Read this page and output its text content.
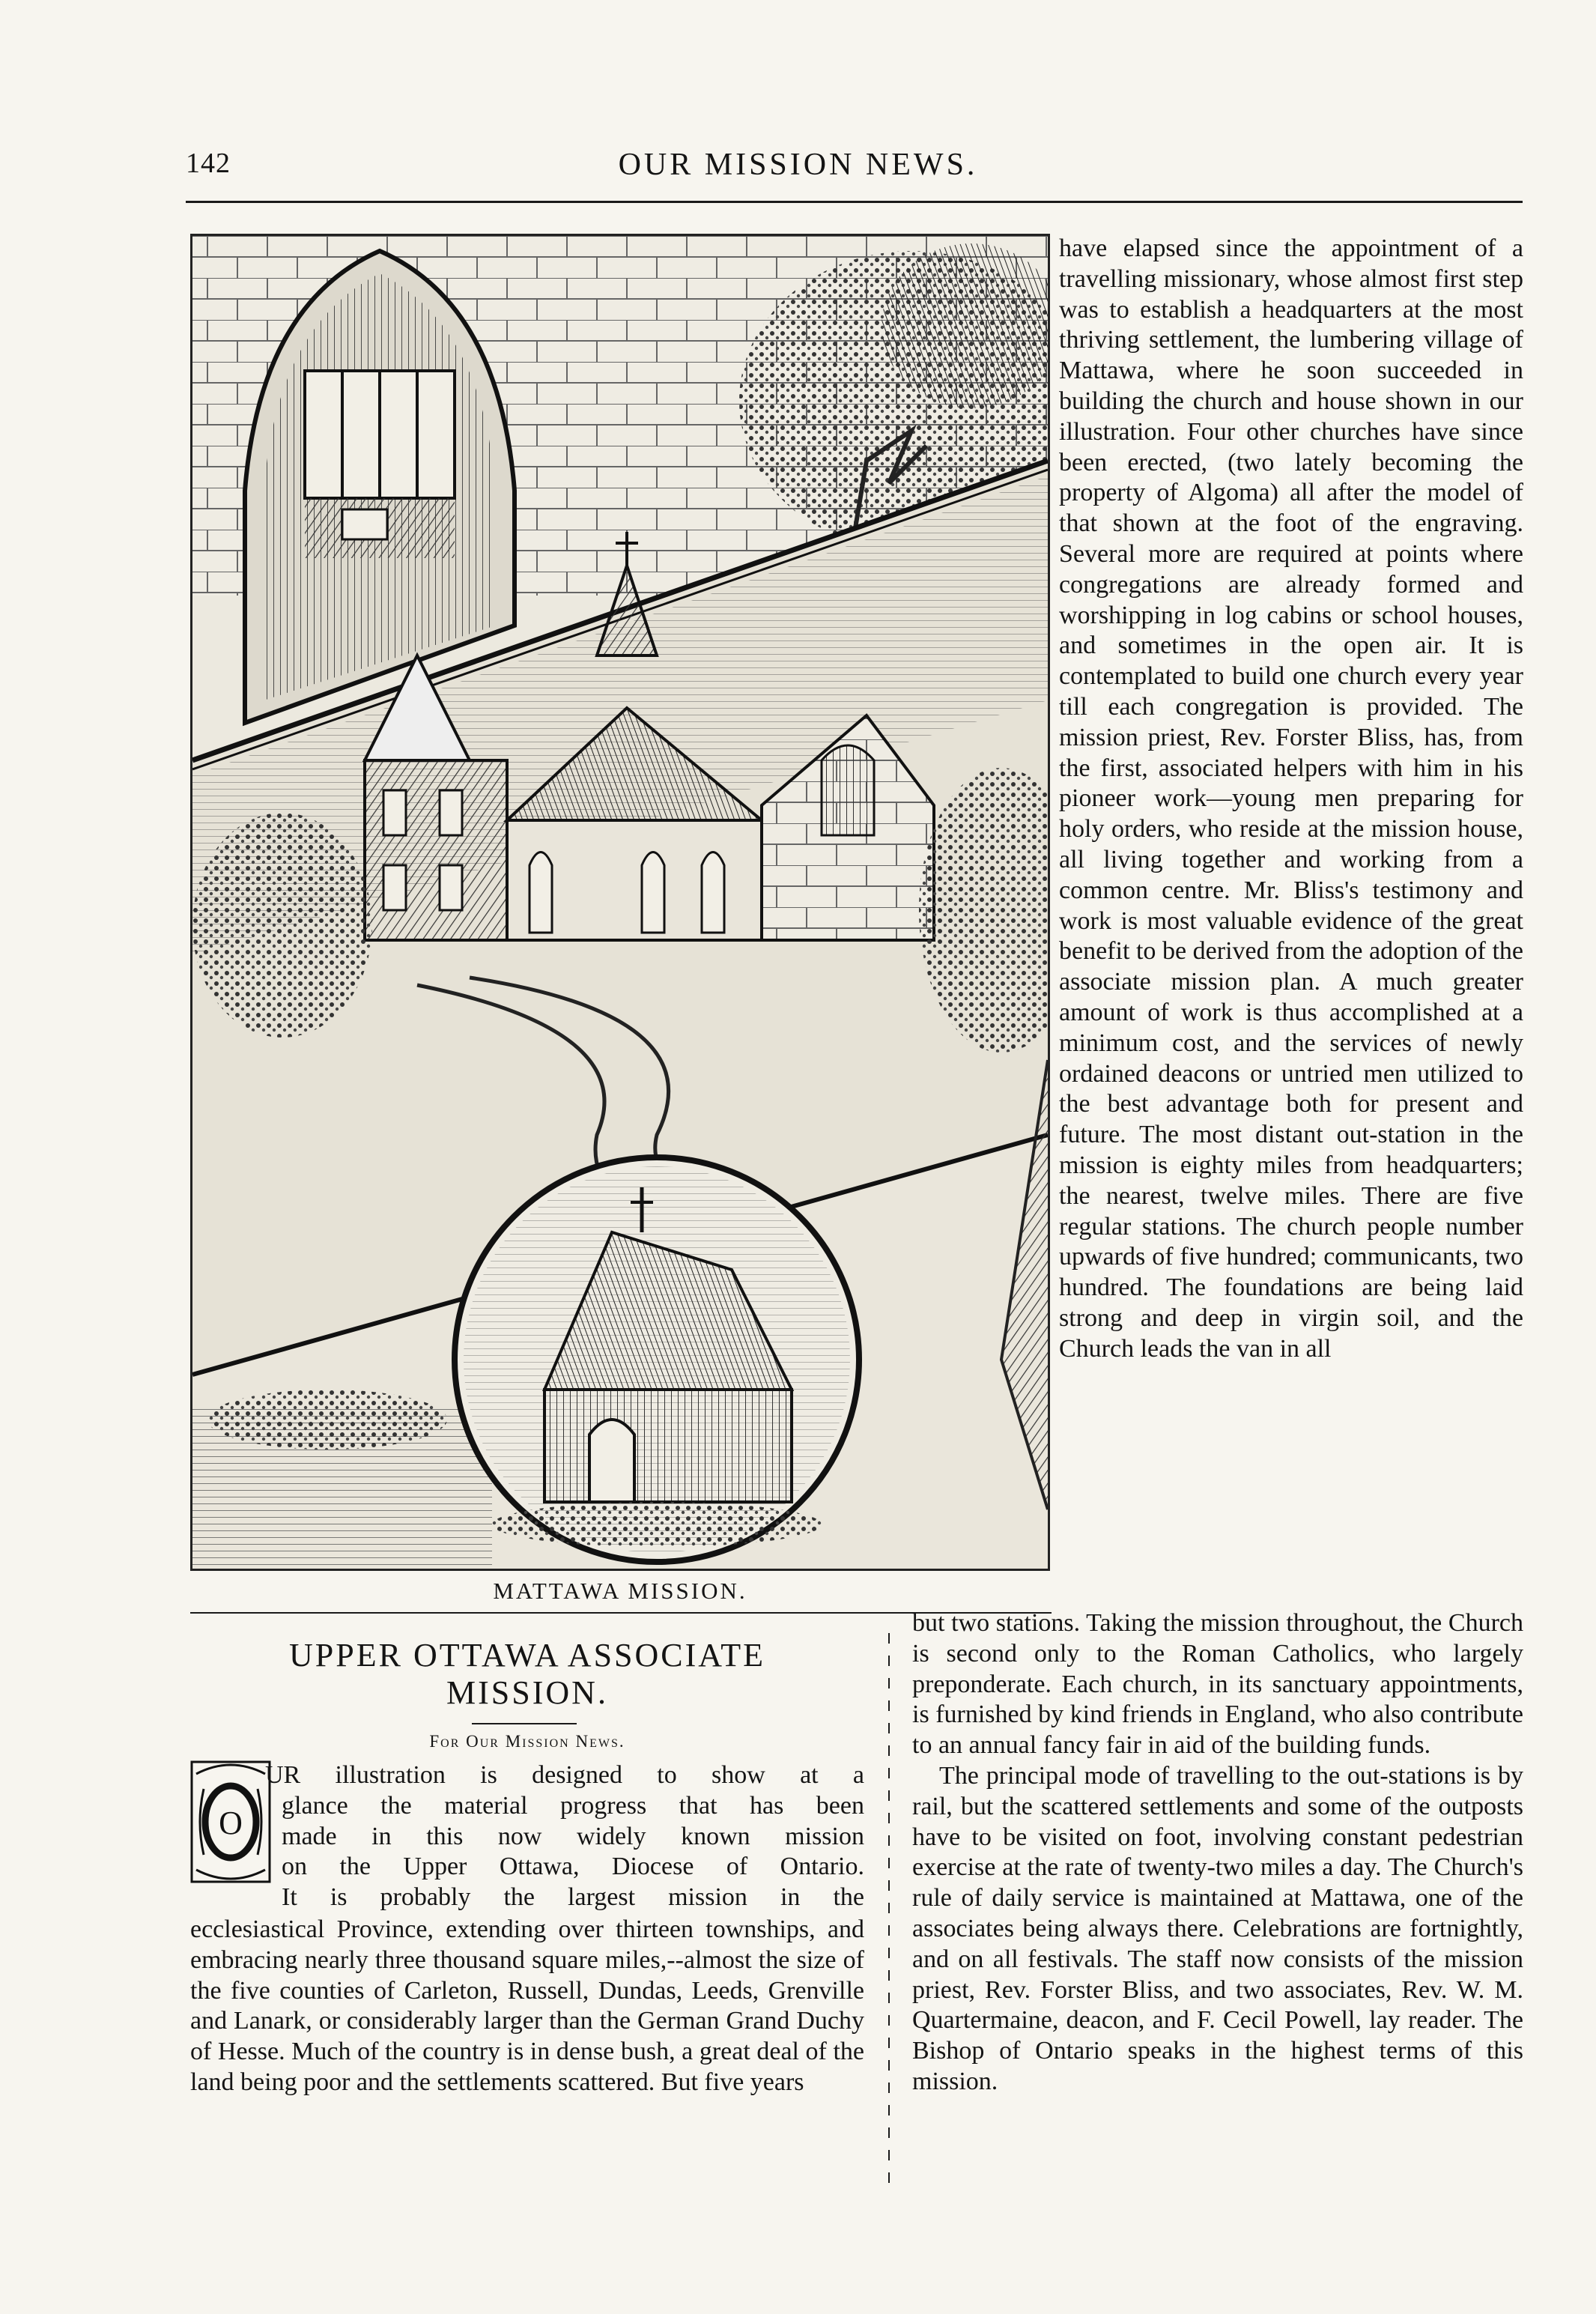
142	OUR MISSION NEWS.
MATTAWA MISSION.

have elapsed since the appointment of a travelling missionary, whose almost first step was to establish a headquarters at the most thriving settlement, the lumbering village of Mattawa, where he soon succeeded in building the church and house shown in our illustration. Four other churches have since been erected, (two lately becoming the property of Algoma) all after the model of that shown at the foot of the engraving. Several more are required at points where congregations are already formed and worshipping in log cabins or school houses, and sometimes in the open air. It is contemplated to build one church every year till each congregation is provided. The mission priest, Rev. Forster Bliss, has, from the first, associated helpers with him in his pioneer work—young men preparing for holy orders, who reside at the mission house, all living together and working from a common centre. Mr. Bliss's testimony and work is most valuable evidence of the great benefit to be derived from the adoption of the associate mission plan. A much greater amount of work is thus accomplished at a minimum cost, and the services of newly ordained deacons or untried men utilized to the best advantage both for present and future. The most distant out-station in the mission is eighty miles from headquarters; the nearest, twelve miles. There are five regular stations. The church people number upwards of five hundred; communicants, two hundred. The foundations are being laid strong and deep in virgin soil, and the Church leads the van in all

UPPER OTTAWA ASSOCIATE
MISSION.
For Our Mission News.
O
UR illustration is designed to show at a
glance the material progress that has been
made in this now widely known mission
on the Upper Ottawa, Diocese of Ontario.
It is probably the largest mission in the

ecclesiastical Province, extending over thirteen townships, and embracing nearly three thousand square miles,--almost the size of the five counties of Carleton, Russell, Dundas, Leeds, Grenville and Lanark, or considerably larger than the German Grand Duchy of Hesse. Much of the country is in dense bush, a great deal of the land being poor and the settlements scattered. But five years

but two stations. Taking the mission throughout, the Church is second only to the Roman Catholics, who largely preponderate. Each church, in its sanctuary appointments, is furnished by kind friends in England, who also contribute to an annual fancy fair in aid of the building funds.

The principal mode of travelling to the out-stations is by rail, but the scattered settlements and some of the outposts have to be visited on foot, involving constant pedestrian exercise at the rate of twenty-two miles a day. The Church's rule of daily service is maintained at Mattawa, one of the associates being always there. Celebrations are fortnightly, and on all festivals. The staff now consists of the mission priest, Rev. Forster Bliss, and two associates, Rev. W. M. Quartermaine, deacon, and F. Cecil Powell, lay reader. The Bishop of Ontario speaks in the highest terms of this mission.
